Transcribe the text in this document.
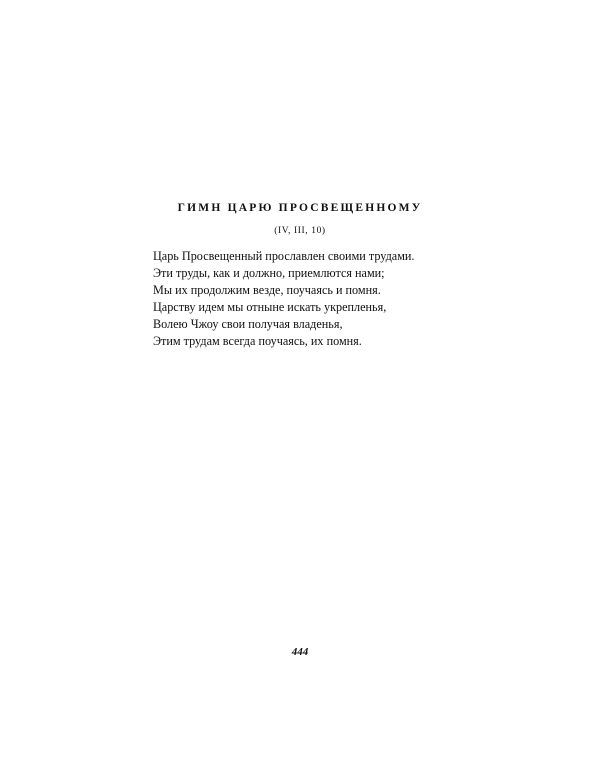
ГИМН ЦАРЮ ПРОСВЕЩЕННОМУ
(IV, III, 10)
Царь Просвещенный прославлен своими трудами.
Эти труды, как и должно, приемлются нами;
Мы их продолжим везде, поучаясь и помня.
Царству идем мы отныне искать укрепленья,
Волею Чжоу свои получая владенья,
Этим трудам всегда поучаясь, их помня.
444
